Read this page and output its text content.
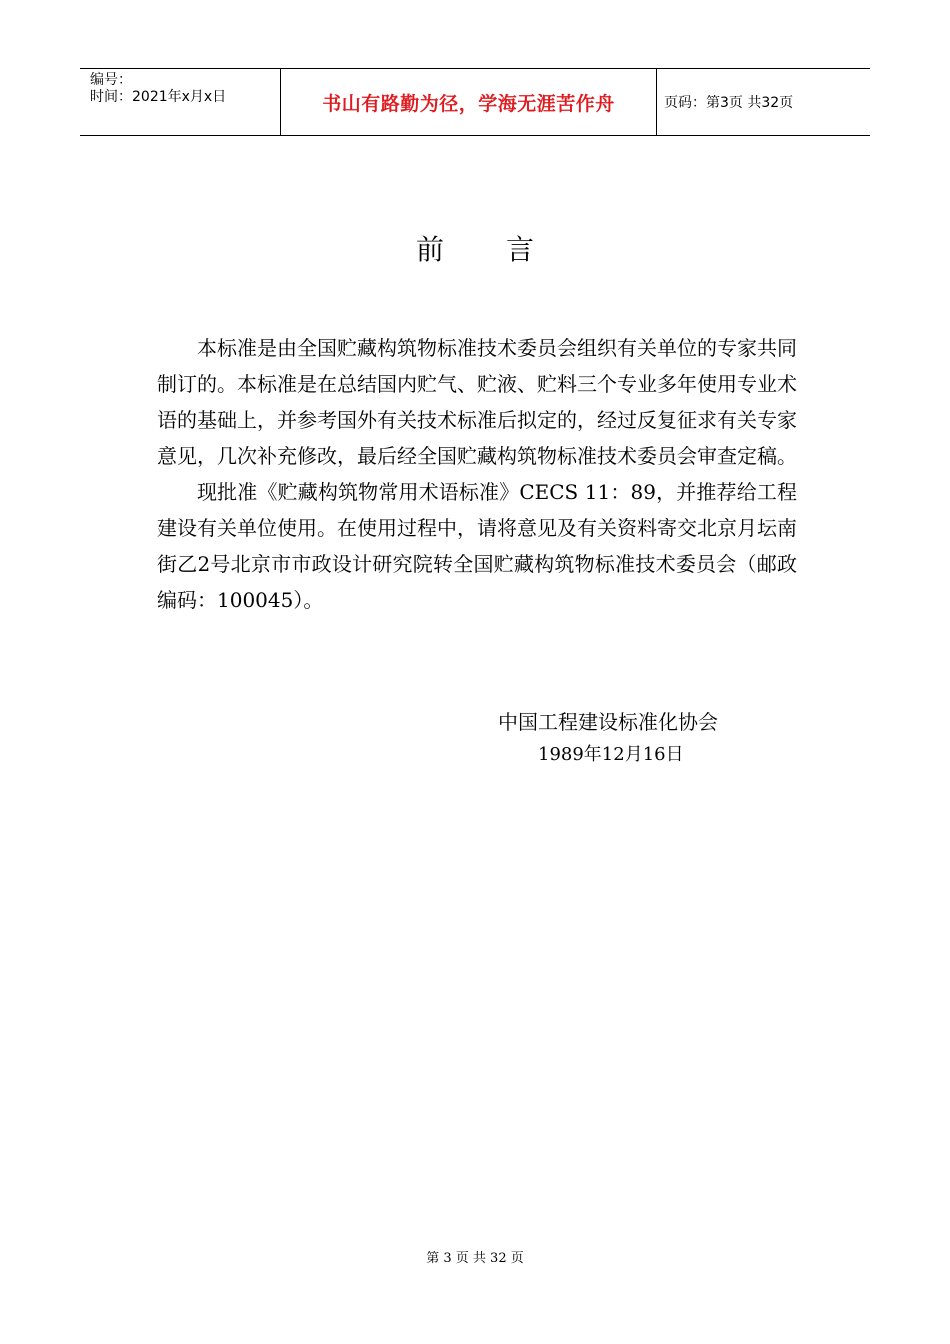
编号：
时间：2021年x月x日	书山有路勤为径，学海无涯苦作舟	页码：第3页 共32页
前言

本标准是由全国贮藏构筑物标准技术委员会组织有关单位的专家共同制订的。本标准是在总结国内贮气、贮液、贮料三个专业多年使用专业术语的基础上，并参考国外有关技术标准后拟定的，经过反复征求有关专家意见，几次补充修改，最后经全国贮藏构筑物标准技术委员会审查定稿。

现批准《贮藏构筑物常用术语标准》CECS 11：89，并推荐给工程建设有关单位使用。在使用过程中，请将意见及有关资料寄交北京月坛南街乙2号北京市市政设计研究院转全国贮藏构筑物标准技术委员会（邮政编码：100045）。

中国工程建设标准化协会
1989年12月16日
第 3 页 共 32 页
